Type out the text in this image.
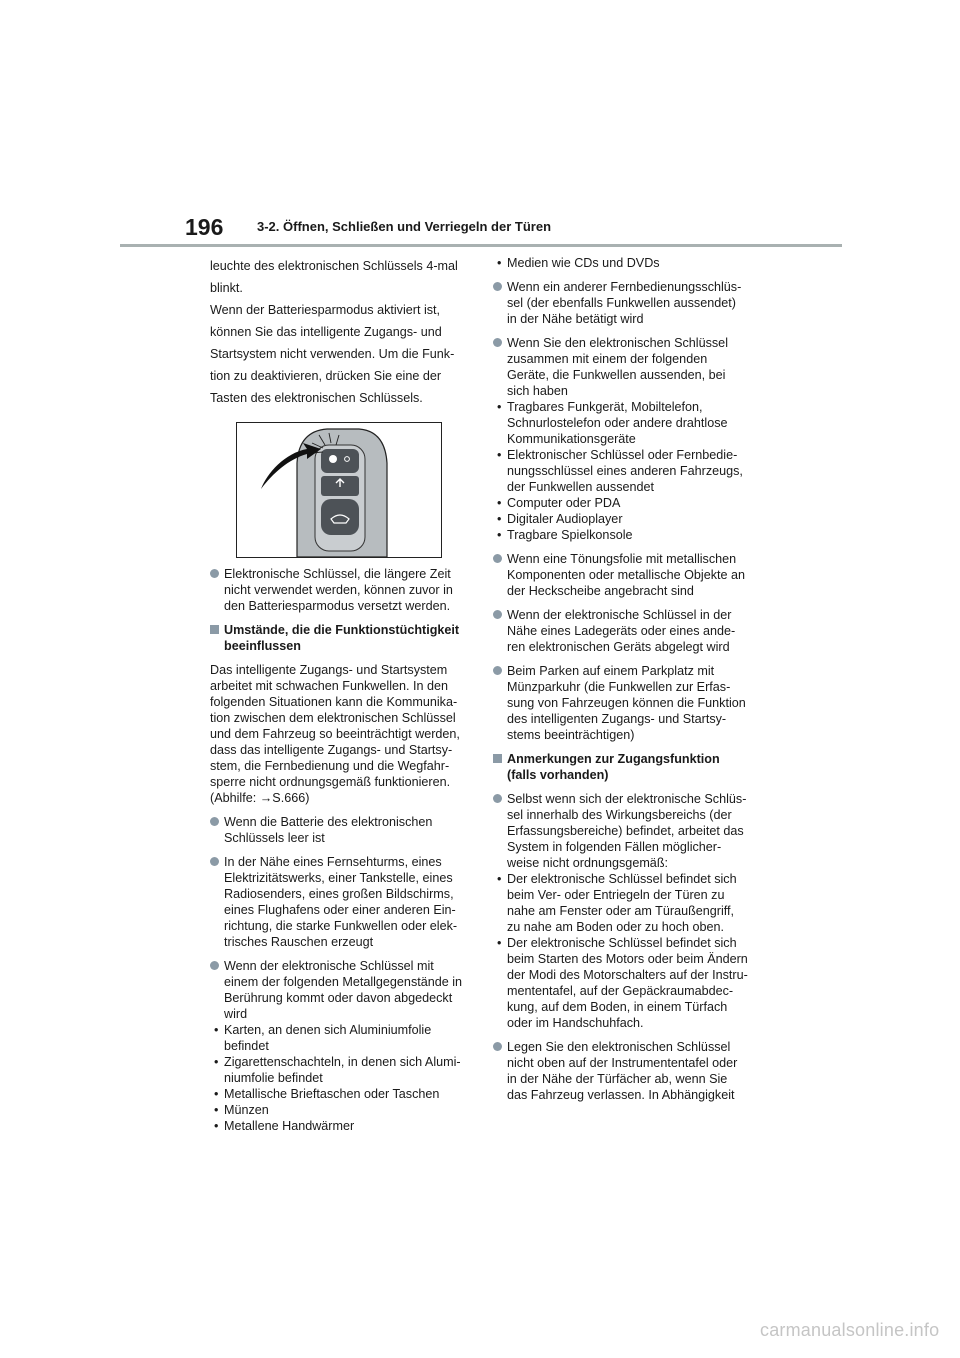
196	3-2. Öffnen, Schließen und Verriegeln der Türen
leuchte des elektronischen Schlüssels 4-mal
blinkt.
Wenn der Batteriesparmodus aktiviert ist,
können Sie das intelligente Zugangs- und
Startsystem nicht verwenden. Um die Funk-
tion zu deaktivieren, drücken Sie eine der
Tasten des elektronischen Schlüssels.
Elektronische Schlüssel, die längere Zeit
nicht verwendet werden, können zuvor in
den Batteriesparmodus versetzt werden.
Umstände, die die Funktionstüchtigkeit
beeinflussen
Das intelligente Zugangs- und Startsystem
arbeitet mit schwachen Funkwellen. In den
folgenden Situationen kann die Kommunika-
tion zwischen dem elektronischen Schlüssel
und dem Fahrzeug so beeinträchtigt werden,
dass das intelligente Zugangs- und Startsy-
stem, die Fernbedienung und die Wegfahr-
sperre nicht ordnungsgemäß funktionieren.
(Abhilfe: →S.666)
Wenn die Batterie des elektronischen
Schlüssels leer ist
In der Nähe eines Fernsehturms, eines
Elektrizitätswerks, einer Tankstelle, eines
Radiosenders, eines großen Bildschirms,
eines Flughafens oder einer anderen Ein-
richtung, die starke Funkwellen oder elek-
trisches Rauschen erzeugt
Wenn der elektronische Schlüssel mit
einem der folgenden Metallgegenstände in
Berührung kommt oder davon abgedeckt
wird
• Karten, an denen sich Aluminiumfolie
befindet
• Zigarettenschachteln, in denen sich Alumi-
niumfolie befindet
• Metallische Brieftaschen oder Taschen
• Münzen
• Metallene Handwärmer
• Medien wie CDs und DVDs
Wenn ein anderer Fernbedienungsschlüs-
sel (der ebenfalls Funkwellen aussendet)
in der Nähe betätigt wird
Wenn Sie den elektronischen Schlüssel
zusammen mit einem der folgenden
Geräte, die Funkwellen aussenden, bei
sich haben
• Tragbares Funkgerät, Mobiltelefon,
Schnurlostelefon oder andere drahtlose
Kommunikationsgeräte
• Elektronischer Schlüssel oder Fernbedie-
nungsschlüssel eines anderen Fahrzeugs,
der Funkwellen aussendet
• Computer oder PDA
• Digitaler Audioplayer
• Tragbare Spielkonsole
Wenn eine Tönungsfolie mit metallischen
Komponenten oder metallische Objekte an
der Heckscheibe angebracht sind
Wenn der elektronische Schlüssel in der
Nähe eines Ladegeräts oder eines ande-
ren elektronischen Geräts abgelegt wird
Beim Parken auf einem Parkplatz mit
Münzparkuhr (die Funkwellen zur Erfas-
sung von Fahrzeugen können die Funktion
des intelligenten Zugangs- und Startsy-
stems beeinträchtigen)
Anmerkungen zur Zugangsfunktion
(falls vorhanden)
Selbst wenn sich der elektronische Schlüs-
sel innerhalb des Wirkungsbereichs (der
Erfassungsbereiche) befindet, arbeitet das
System in folgenden Fällen möglicher-
weise nicht ordnungsgemäß:
• Der elektronische Schlüssel befindet sich
beim Ver- oder Entriegeln der Türen zu
nahe am Fenster oder am Türaußengriff,
zu nahe am Boden oder zu hoch oben.
• Der elektronische Schlüssel befindet sich
beim Starten des Motors oder beim Ändern
der Modi des Motorschalters auf der Instru-
mententafel, auf der Gepäckraumabdec-
kung, auf dem Boden, in einem Türfach
oder im Handschuhfach.
Legen Sie den elektronischen Schlüssel
nicht oben auf der Instrumententafel oder
in der Nähe der Türfächer ab, wenn Sie
das Fahrzeug verlassen. In Abhängigkeit
carmanualsonline.info
